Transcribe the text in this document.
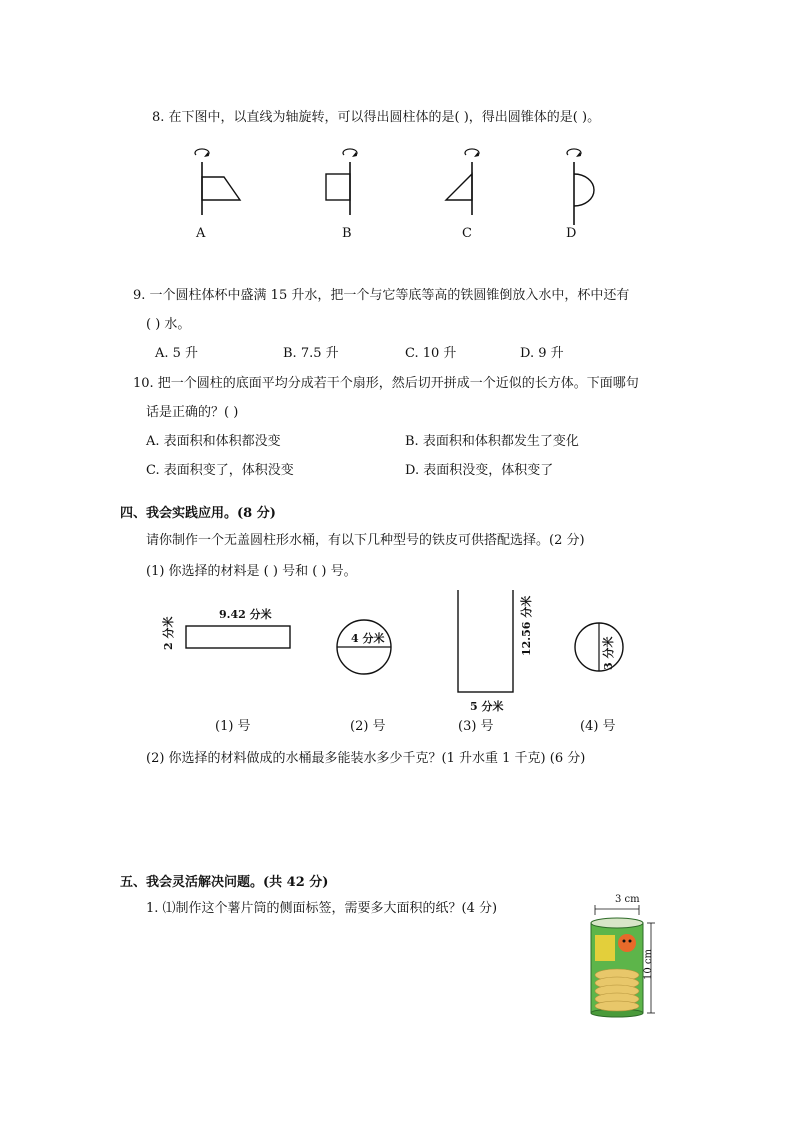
8. 在下图中，以直线为轴旋转，可以得出圆柱体的是( )，得出圆锥体的是( )。
A	B	C	D
9. 一个圆柱体杯中盛满 15 升水，把一个与它等底等高的铁圆锥倒放入水中，杯中还有
( ) 水。
A. 5 升	B. 7.5 升	C. 10 升	D. 9 升
10. 把一个圆柱的底面平均分成若干个扇形，然后切开拼成一个近似的长方体。下面哪句
话是正确的？( )
A. 表面积和体积都没变	B. 表面积和体积都发生了变化
C. 表面积变了，体积没变	D. 表面积没变，体积变了
四、我会实践应用。(8 分)
请你制作一个无盖圆柱形水桶，有以下几种型号的铁皮可供搭配选择。(2 分)
(1) 你选择的材料是 ( ) 号和 ( ) 号。
9.42 分米
2 分米	4 分米	12.56 分米
5 分米
3 分米
(1) 号	(2) 号	(3) 号	(4) 号
(2) 你选择的材料做成的水桶最多能装水多少千克？(1 升水重 1 千克) (6 分)
五、我会灵活解决问题。(共 42 分)
1. ⑴制作这个薯片筒的侧面标签，需要多大面积的纸？(4 分)
3 cm
10 cm
